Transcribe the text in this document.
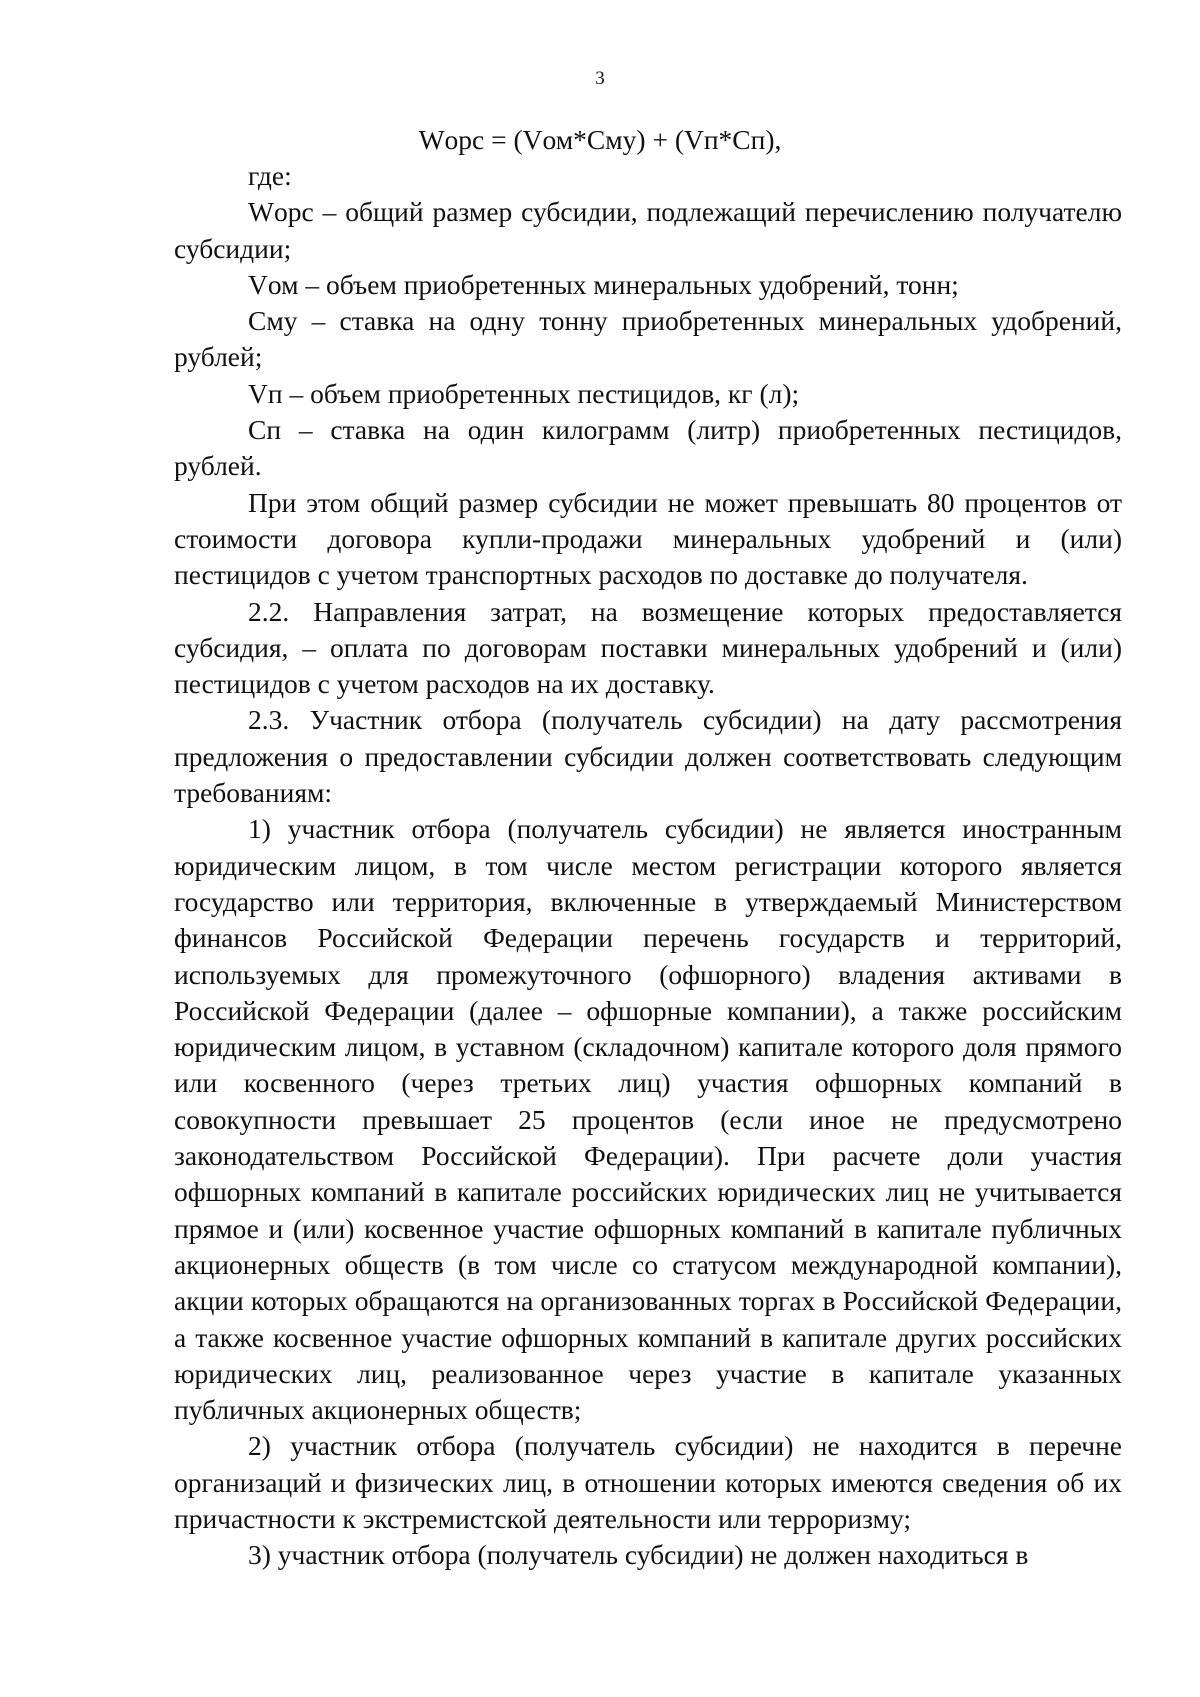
3
Wорс = (Vом*Cму) + (Vп*Cп),

где:

Wорс – общий размер субсидии, подлежащий перечислению получателю субсидии;

Vом – объем приобретенных минеральных удобрений, тонн;

Cму – ставка на одну тонну приобретенных минеральных удобрений, рублей;

Vп – объем приобретенных пестицидов, кг (л);

Cп – ставка на один килограмм (литр) приобретенных пестицидов, рублей.

При этом общий размер субсидии не может превышать 80 процентов от стоимости договора купли-продажи минеральных удобрений и (или) пестицидов с учетом транспортных расходов по доставке до получателя.

2.2. Направления затрат, на возмещение которых предоставляется субсидия, – оплата по договорам поставки минеральных удобрений и (или) пестицидов с учетом расходов на их доставку.

2.3. Участник отбора (получатель субсидии) на дату рассмотрения предложения о предоставлении субсидии должен соответствовать следующим требованиям:

1) участник отбора (получатель субсидии) не является иностранным юридическим лицом, в том числе местом регистрации которого является государство или территория, включенные в утверждаемый Министерством финансов Российской Федерации перечень государств и территорий, используемых для промежуточного (офшорного) владения активами в Российской Федерации (далее – офшорные компании), а также российским юридическим лицом, в уставном (складочном) капитале которого доля прямого или косвенного (через третьих лиц) участия офшорных компаний в совокупности превышает 25 процентов (если иное не предусмотрено законодательством Российской Федерации). При расчете доли участия офшорных компаний в капитале российских юридических лиц не учитывается прямое и (или) косвенное участие офшорных компаний в капитале публичных акционерных обществ (в том числе со статусом международной компании), акции которых обращаются на организованных торгах в Российской Федерации, а также косвенное участие офшорных компаний в капитале других российских юридических лиц, реализованное через участие в капитале указанных публичных акционерных обществ;

2) участник отбора (получатель субсидии) не находится в перечне организаций и физических лиц, в отношении которых имеются сведения об их причастности к экстремистской деятельности или терроризму;

3) участник отбора (получатель субсидии) не должен находиться в
